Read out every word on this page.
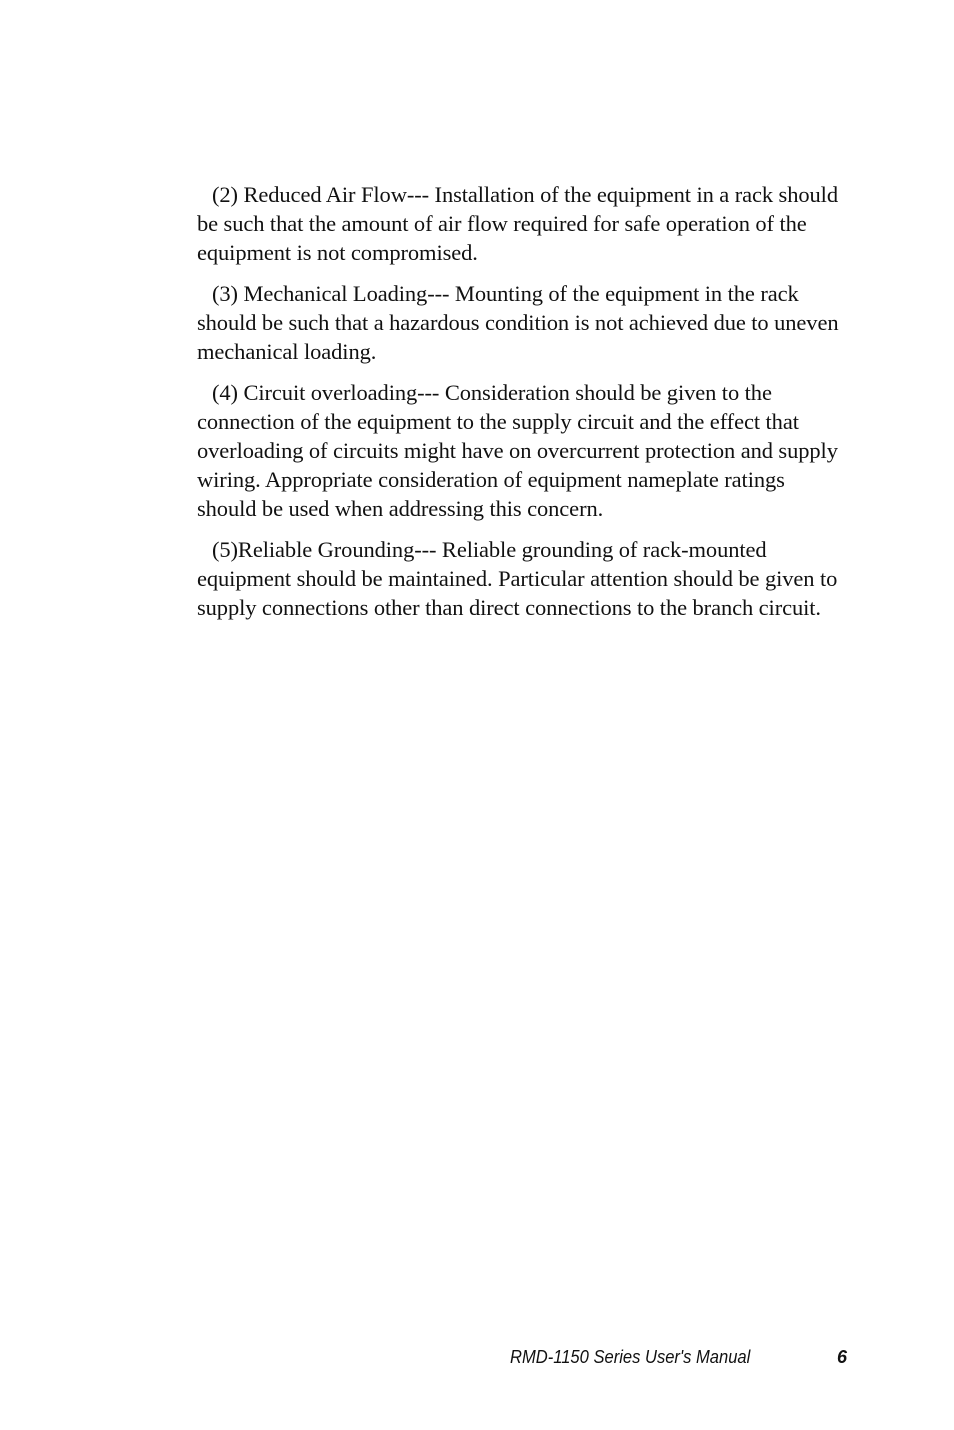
(2) Reduced Air Flow--- Installation of the equipment in a rack should be such that the amount of air flow required for safe operation of the equipment is not compromised.

(3) Mechanical Loading--- Mounting of the equipment in the rack should be such that a hazardous condition is not achieved due to uneven mechanical loading.

(4) Circuit overloading--- Consideration should be given to the connection of the equipment to the supply circuit and the effect that overloading of circuits might have on overcurrent protection and supply wiring. Appropriate consideration of equipment nameplate ratings should be used when addressing this concern.

(5)Reliable Grounding--- Reliable grounding of rack-mounted equipment should be maintained. Particular attention should be given to supply connections other than direct connections to the branch circuit.

RMD-1150 Series User's Manual	6
